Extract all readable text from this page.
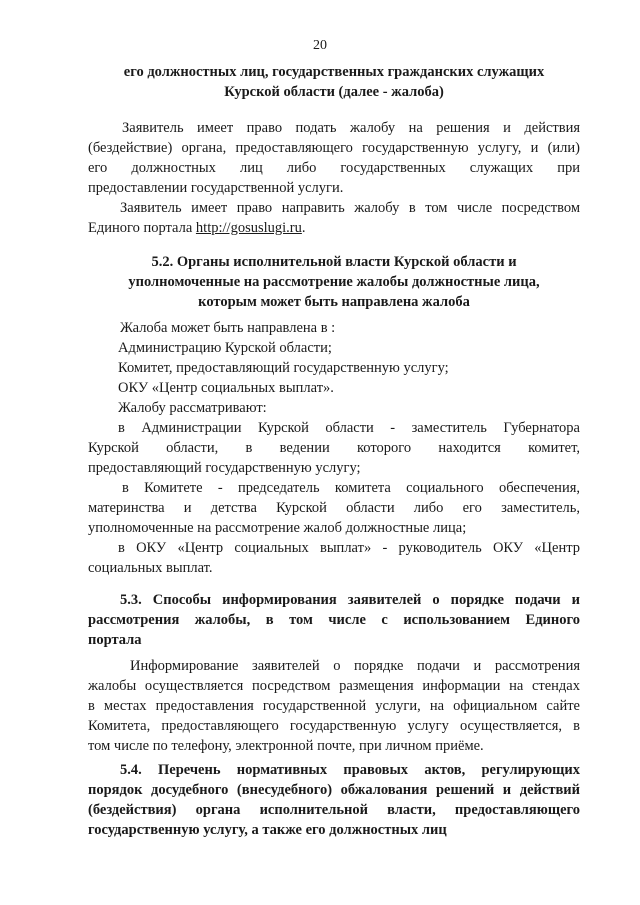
20
его должностных лиц, государственных гражданских служащих
Курской области (далее - жалоба)
Заявитель имеет право подать жалобу на решения и действия
(бездействие) органа, предоставляющего государственную услугу, и (или)
его должностных лиц либо государственных служащих при
предоставлении государственной услуги.
Заявитель имеет право направить жалобу в том числе посредством
Единого портала http://gosuslugi.ru.
5.2. Органы исполнительной власти Курской области и
уполномоченные на рассмотрение жалобы должностные лица,
которым может быть направлена жалоба
Жалоба может быть направлена в :
Администрацию Курской области;
Комитет, предоставляющий государственную услугу;
ОКУ «Центр социальных выплат».
Жалобу рассматривают:
в Администрации Курской области - заместитель Губернатора
Курской области, в ведении которого находится комитет,
предоставляющий государственную услугу;
в Комитете - председатель комитета социального обеспечения,
материнства и детства Курской области либо его заместитель,
уполномоченные на рассмотрение жалоб должностные лица;
в ОКУ «Центр социальных выплат» - руководитель ОКУ «Центр
социальных выплат.
5.3. Способы информирования заявителей о порядке подачи и
рассмотрения жалобы, в том числе с использованием Единого
портала
Информирование заявителей о порядке подачи и рассмотрения
жалобы осуществляется посредством размещения информации на стендах
в местах предоставления государственной услуги, на официальном сайте
Комитета, предоставляющего государственную услугу осуществляется, в
том числе по телефону, электронной почте, при личном приёме.
5.4. Перечень нормативных правовых актов, регулирующих
порядок досудебного (внесудебного) обжалования решений и действий
(бездействия) органа исполнительной власти, предоставляющего
государственную услугу, а также его должностных лиц
